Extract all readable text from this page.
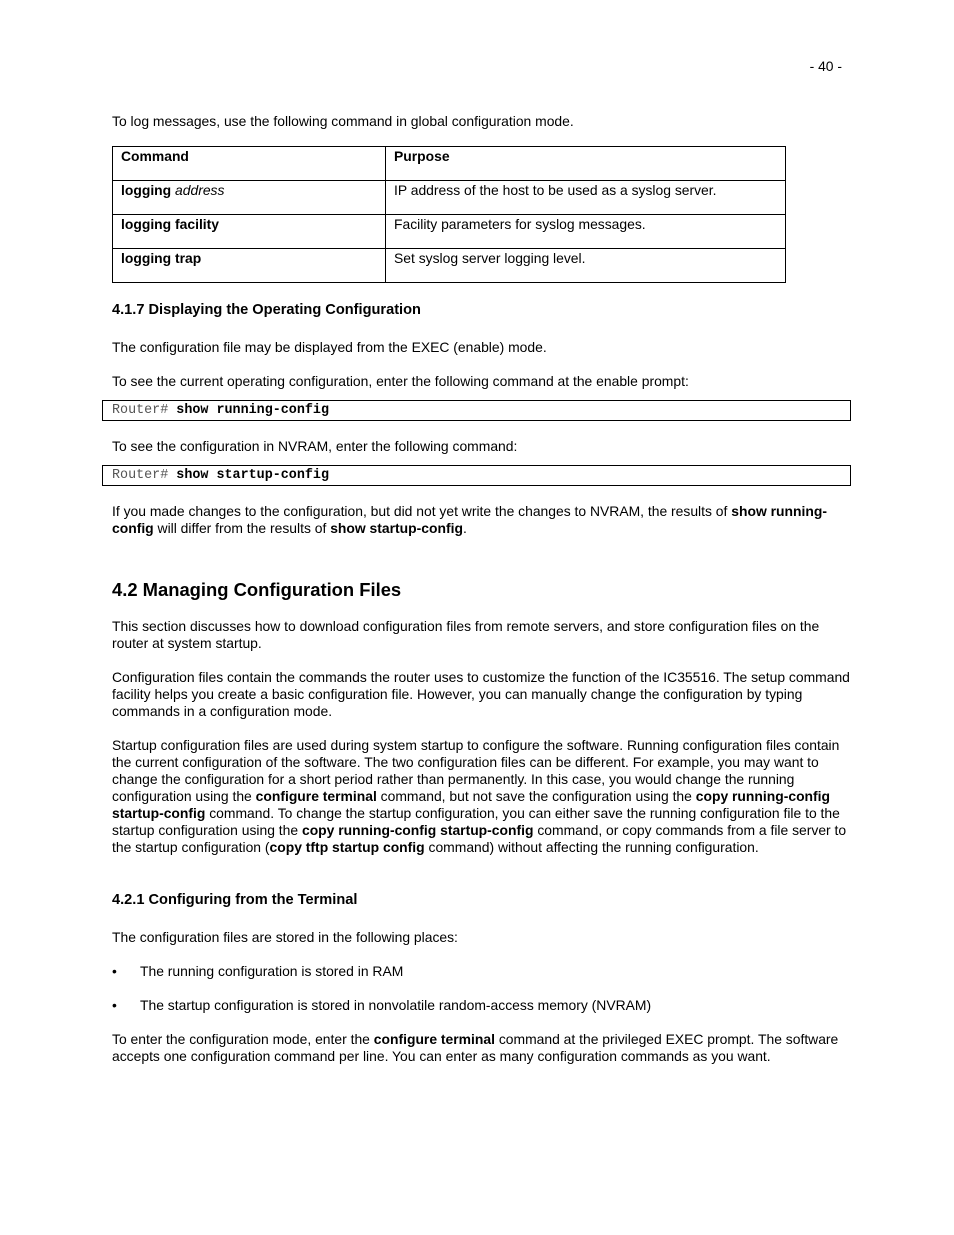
- 40 -

To log messages, use the following command in global configuration mode.

Command	Purpose

logging address	IP address of the host to be used as a syslog server.

logging facility	Facility parameters for syslog messages.

logging trap	Set syslog server logging level.
4.1.7 Displaying the Operating Configuration

The configuration file may be displayed from the EXEC (enable) mode.

To see the current operating configuration, enter the following command at the enable prompt:

Router# show running-config

To see the configuration in NVRAM, enter the following command:

Router# show startup-config

If you made changes to the configuration, but did not yet write the changes to NVRAM, the results of show running-config will differ from the results of show startup-config.

4.2 Managing Configuration Files

This section discusses how to download configuration files from remote servers, and store configuration files on the router at system startup.

Configuration files contain the commands the router uses to customize the function of the IC35516. The setup command facility helps you create a basic configuration file. However, you can manually change the configuration by typing commands in a configuration mode.

Startup configuration files are used during system startup to configure the software. Running configuration files contain the current configuration of the software. The two configuration files can be different. For example, you may want to change the configuration for a short period rather than permanently. In this case, you would change the running configuration using the configure terminal command, but not save the configuration using the copy running-config startup-config command. To change the startup configuration, you can either save the running configuration file to the startup configuration using the copy running-config startup-config command, or copy commands from a file server to the startup configuration (copy tftp startup config command) without affecting the running configuration.

4.2.1 Configuring from the Terminal

The configuration files are stored in the following places:

• The running configuration is stored in RAM
• The startup configuration is stored in nonvolatile random-access memory (NVRAM)

To enter the configuration mode, enter the configure terminal command at the privileged EXEC prompt. The software accepts one configuration command per line. You can enter as many configuration commands as you want.
